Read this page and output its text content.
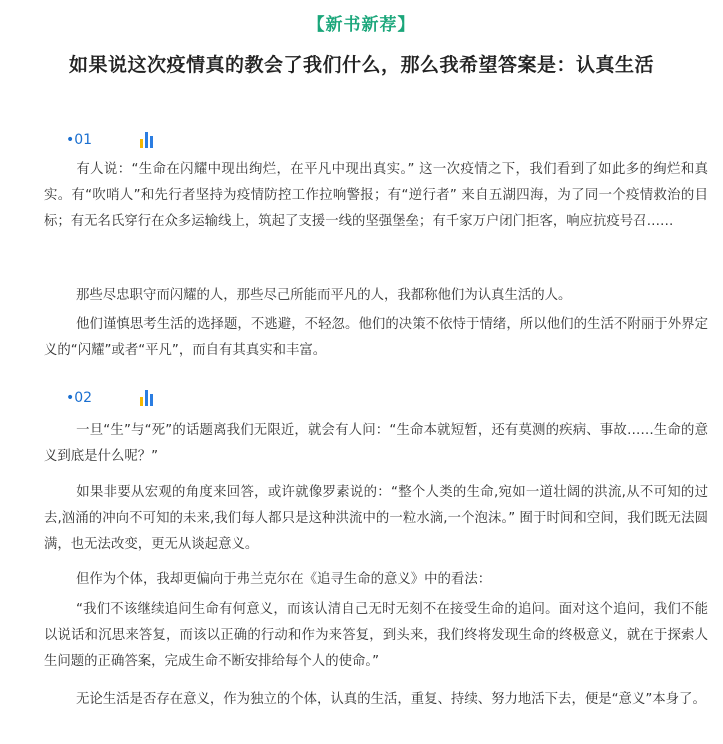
【新书新荐】
如果说这次疫情真的教会了我们什么，那么我希望答案是：认真生活
•01

有人说：“生命在闪耀中现出绚烂，在平凡中现出真实。” 这一次疫情之下，我们看到了如此多的绚烂和真实。有“吹哨人”和先行者坚持为疫情防控工作拉响警报；有“逆行者” 来自五湖四海，为了同一个疫情救治的目标；有无名氏穿行在众多运输线上，筑起了支援一线的坚强堡垒；有千家万户闭门拒客，响应抗疫号召……

那些尽忠职守而闪耀的人，那些尽己所能而平凡的人，我都称他们为认真生活的人。

他们谨慎思考生活的选择题，不逃避，不轻忽。他们的决策不依恃于情绪，所以他们的生活不附丽于外界定义的“闪耀”或者“平凡”，而自有其真实和丰富。

•02

一旦“生”与“死”的话题离我们无限近，就会有人问：“生命本就短暂，还有莫测的疾病、事故……生命的意义到底是什么呢？”

如果非要从宏观的角度来回答，或许就像罗素说的：“整个人类的生命,宛如一道壮阔的洪流,从不可知的过去,汹涌的冲向不可知的未来,我们每人都只是这种洪流中的一粒水滴,一个泡沫。” 囿于时间和空间，我们既无法圆满，也无法改变，更无从谈起意义。

但作为个体，我却更偏向于弗兰克尔在《追寻生命的意义》中的看法：

“我们不该继续追问生命有何意义，而该认清自己无时无刻不在接受生命的追问。面对这个追问，我们不能以说话和沉思来答复，而该以正确的行动和作为来答复，到头来，我们终将发现生命的终极意义，就在于探索人生问题的正确答案，完成生命不断安排给每个人的使命。”

无论生活是否存在意义，作为独立的个体，认真的生活，重复、持续、努力地活下去，便是“意义”本身了。
